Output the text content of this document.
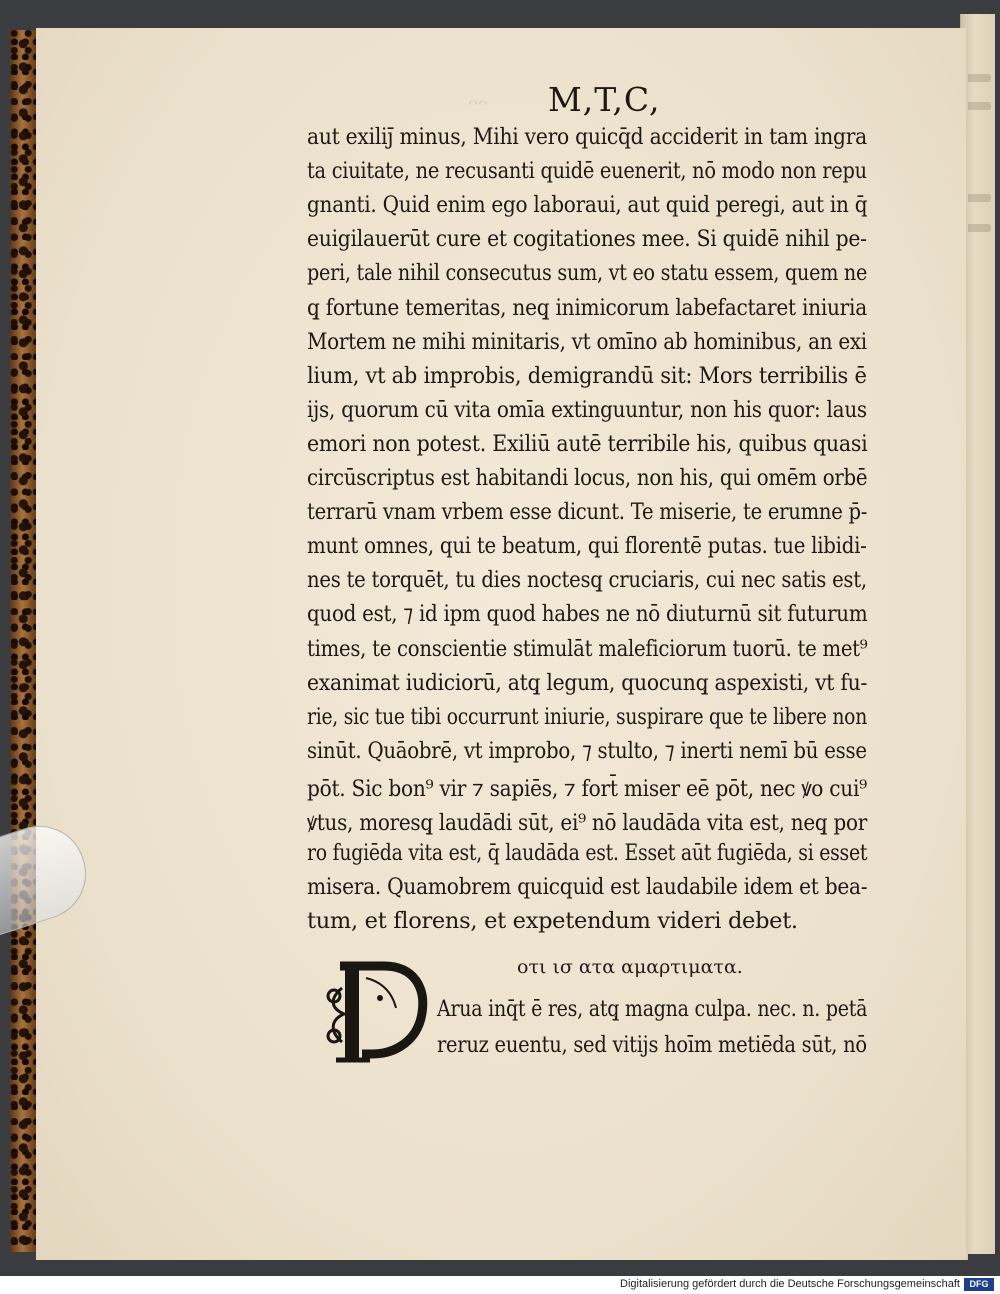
ᵔᵔ M,T,C,
οτι ισ ατα αμαρτιματα.
Digitalisierung gefördert durch die Deutsche Forschungsgemeinschaft	DFG
aut exiliȷ̄ minus, Mihi vero quicq̄d acciderit in tam ingra
ta ciuitate, ne recusanti quidē euenerit, nō modo non repu
gnanti. Quid enim ego laboraui, aut quid peregi, aut in q̄
euigilauerūt cure et cogitationes mee. Si quidē nihil pe-
peri, tale nihil consecutus sum, vt eo statu essem, quem ne
q̧ fortune temeritas, neq̧ inimicorum labefactaret iniuria
Mortem ne mihi minitaris, vt omīno ab hominibus, an exi
lium, vt ab improbis, demigrandū sit: Mors terribilis ē
ijs, quorum cū vita omīa extinguuntur, non his quor: laus
emori non potest. Exiliū autē terribile his, quibus quasi
circūscriptus est habitandi locus, non his, qui omēm orbē
terrarū vnam vrbem esse dicunt. Te miserie, te erumne p̄-
munt omnes, qui te beatum, qui florentē putas. tue libidi-
nes te torquēt, tu dies noctesq̧ cruciaris, cui nec satis est,
quod est, ⁊ id ipm quod habes ne nō diuturnū sit futurum
times, te conscientie stimulāt maleficiorum tuorū. te met⁹
exanimat iudiciorū, atq̧ legum, quocunq̧ aspexisti, vt fu-
rie, sic tue tibi occurrunt iniurie, suspirare que te libere non
sinūt. Quāobrē, vt improbo, ⁊ stulto, ⁊ inerti nemī bū esse
pōt. Sic bon⁹ vir ⁊ sapiēs, ⁊ fort̄ miser eē pōt, nec ꝟo cui⁹
ꝟtus, moresq̧ laudādi sūt, ei⁹ nō laudāda vita est, neq̧ por
ro fugiēda vita est, q̄ laudāda est. Esset aūt fugiēda, si esset
misera. Quamobrem quicquid est laudabile idem et bea-
tum, et florens, et expetendum videri debet.
Arua inq̄t ē res, atq̧ magna culpa. nec. n. petā
reruz euentu, sed vitijs hoīm metiēda sūt, nō
